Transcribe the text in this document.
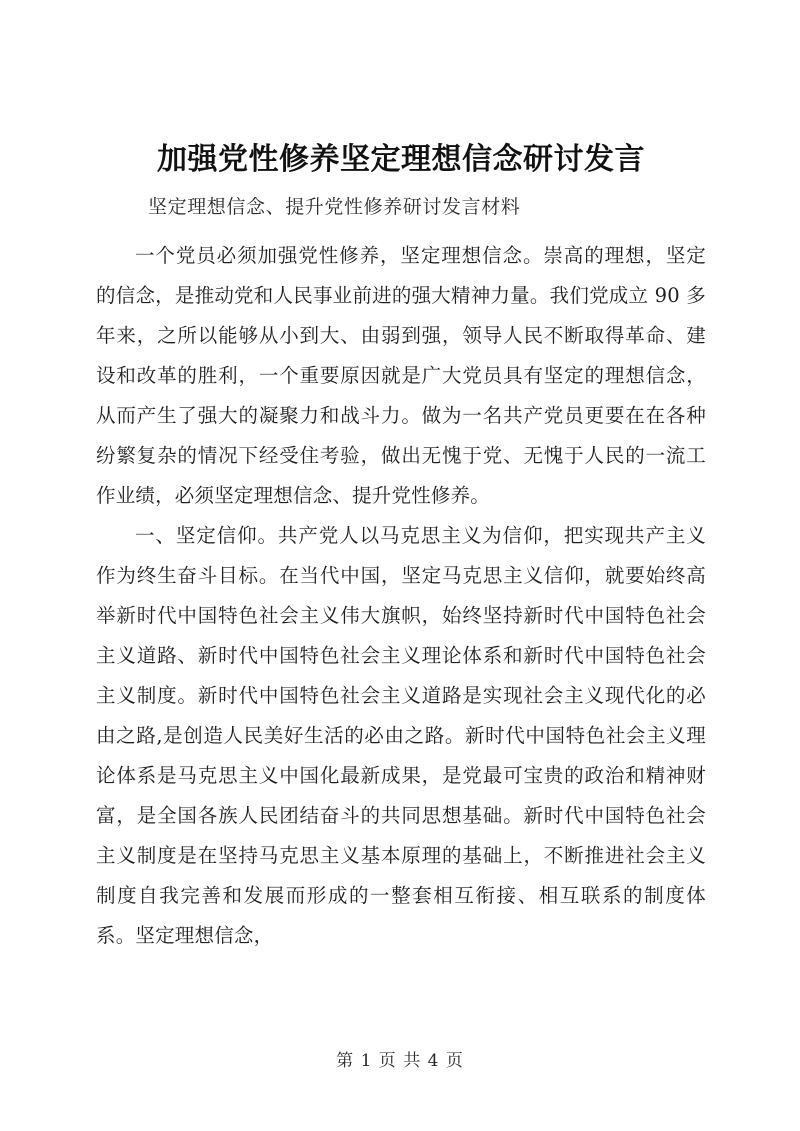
加强党性修养坚定理想信念研讨发言
坚定理想信念、提升党性修养研讨发言材料

一个党员必须加强党性修养，坚定理想信念。崇高的理想，坚定的信念，是推动党和人民事业前进的强大精神力量。我们党成立 90 多年来，之所以能够从小到大、由弱到强，领导人民不断取得革命、建设和改革的胜利，一个重要原因就是广大党员具有坚定的理想信念，从而产生了强大的凝聚力和战斗力。做为一名共产党员更要在在各种纷繁复杂的情况下经受住考验，做出无愧于党、无愧于人民的一流工作业绩，必须坚定理想信念、提升党性修养。

一、坚定信仰。共产党人以马克思主义为信仰，把实现共产主义作为终生奋斗目标。在当代中国，坚定马克思主义信仰，就要始终高举新时代中国特色社会主义伟大旗帜，始终坚持新时代中国特色社会主义道路、新时代中国特色社会主义理论体系和新时代中国特色社会主义制度。新时代中国特色社会主义道路是实现社会主义现代化的必由之路,是创造人民美好生活的必由之路。新时代中国特色社会主义理论体系是马克思主义中国化最新成果，是党最可宝贵的政治和精神财富，是全国各族人民团结奋斗的共同思想基础。新时代中国特色社会主义制度是在坚持马克思主义基本原理的基础上，不断推进社会主义制度自我完善和发展而形成的一整套相互衔接、相互联系的制度体系。坚定理想信念，

第 1 页 共 4 页
